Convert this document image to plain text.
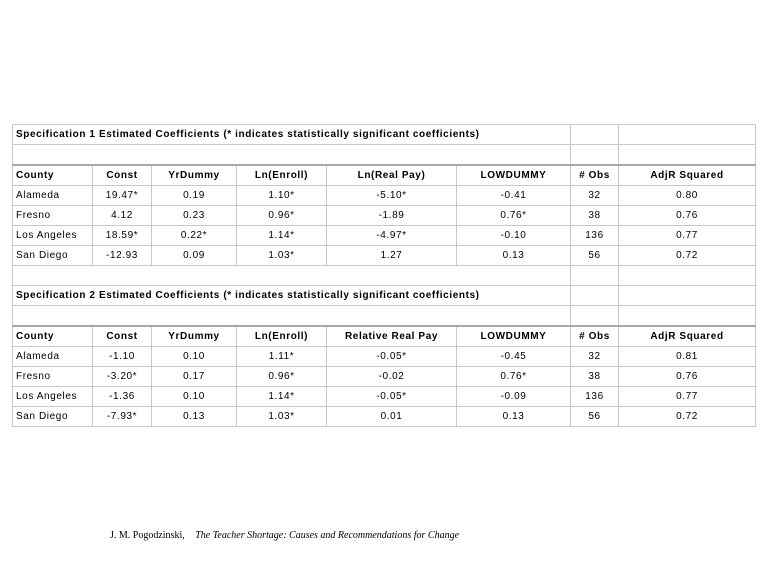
Specification 1 Estimated Coefficients (* indicates statistically significant coefficients)							

County	Const	YrDummy	Ln(Enroll)	Ln(Real Pay)	LOWDUMMY	# Obs	AdjR Squared
Alameda	19.47*	0.19	1.10*	-5.10*	-0.41	32	0.80
Fresno	4.12	0.23	0.96*	-1.89	0.76*	38	0.76
Los Angeles	18.59*	0.22*	1.14*	-4.97*	-0.10	136	0.77
San Diego	-12.93	0.09	1.03*	1.27	0.13	56	0.72

Specification 2 Estimated Coefficients (* indicates statistically significant coefficients)							

County	Const	YrDummy	Ln(Enroll)	Relative Real Pay	LOWDUMMY	# Obs	AdjR Squared
Alameda	-1.10	0.10	1.11*	-0.05*	-0.45	32	0.81
Fresno	-3.20*	0.17	0.96*	-0.02	0.76*	38	0.76
Los Angeles	-1.36	0.10	1.14*	-0.05*	-0.09	136	0.77
San Diego	-7.93*	0.13	1.03*	0.01	0.13	56	0.72
J. M. Pogodzinski, The Teacher Shortage: Causes and Recommendations for Change
